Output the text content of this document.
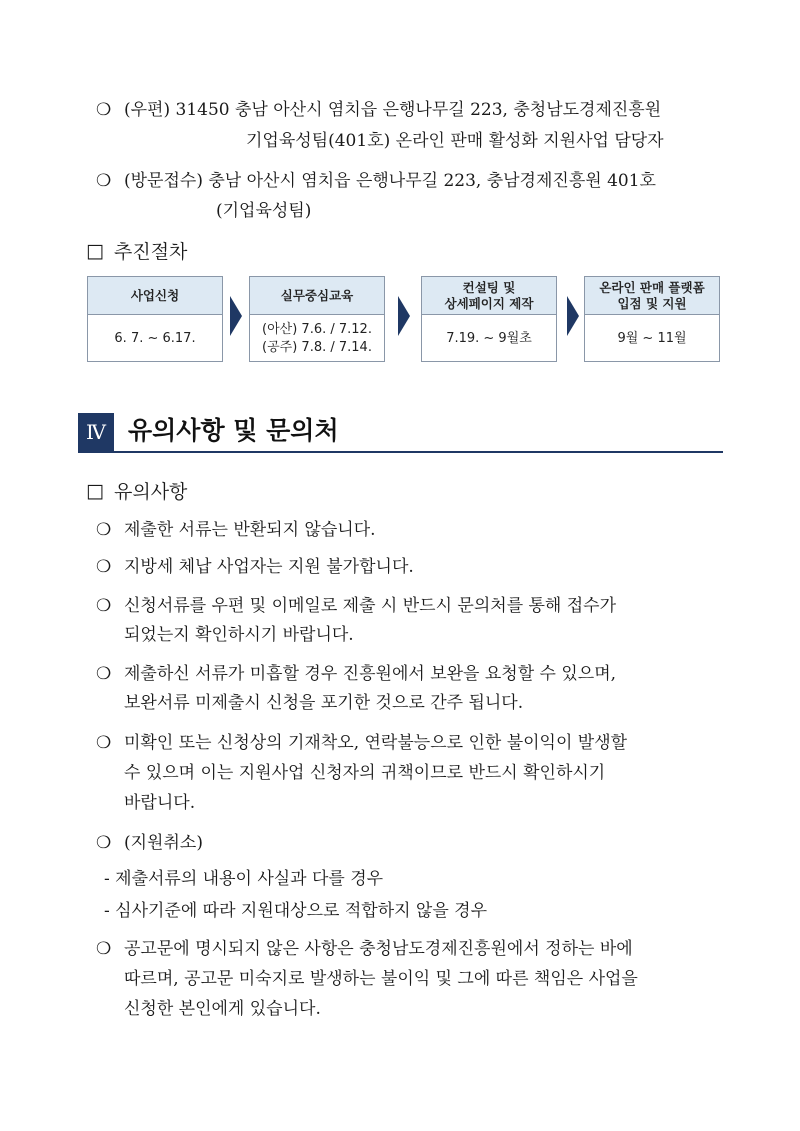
❍ (우편) 31450 충남 아산시 염치읍 은행나무길 223, 충청남도경제진흥원
기업육성팀(401호) 온라인 판매 활성화 지원사업 담당자
❍ (방문접수) 충남 아산시 염치읍 은행나무길 223, 충남경제진흥원 401호
(기업육성팀)
□ 추진절차
사업신청
6. 7. ~ 6.17.
실무중심교육
(아산) 7.6. / 7.12.
(공주) 7.8. / 7.14.
컨설팅 및
상세페이지 제작
7.19. ~ 9월초
온라인 판매 플랫폼
입점 및 지원
9월 ~ 11월
Ⅳ 유의사항 및 문의처
□ 유의사항
❍ 제출한 서류는 반환되지 않습니다.
❍ 지방세 체납 사업자는 지원 불가합니다.
❍ 신청서류를 우편 및 이메일로 제출 시 반드시 문의처를 통해 접수가
되었는지 확인하시기 바랍니다.
❍ 제출하신 서류가 미흡할 경우 진흥원에서 보완을 요청할 수 있으며,
보완서류 미제출시 신청을 포기한 것으로 간주 됩니다.
❍ 미확인 또는 신청상의 기재착오, 연락불능으로 인한 불이익이 발생할
수 있으며 이는 지원사업 신청자의 귀책이므로 반드시 확인하시기
바랍니다.
❍ (지원취소)
- 제출서류의 내용이 사실과 다를 경우
- 심사기준에 따라 지원대상으로 적합하지 않을 경우
❍ 공고문에 명시되지 않은 사항은 충청남도경제진흥원에서 정하는 바에
따르며, 공고문 미숙지로 발생하는 불이익 및 그에 따른 책임은 사업을
신청한 본인에게 있습니다.
